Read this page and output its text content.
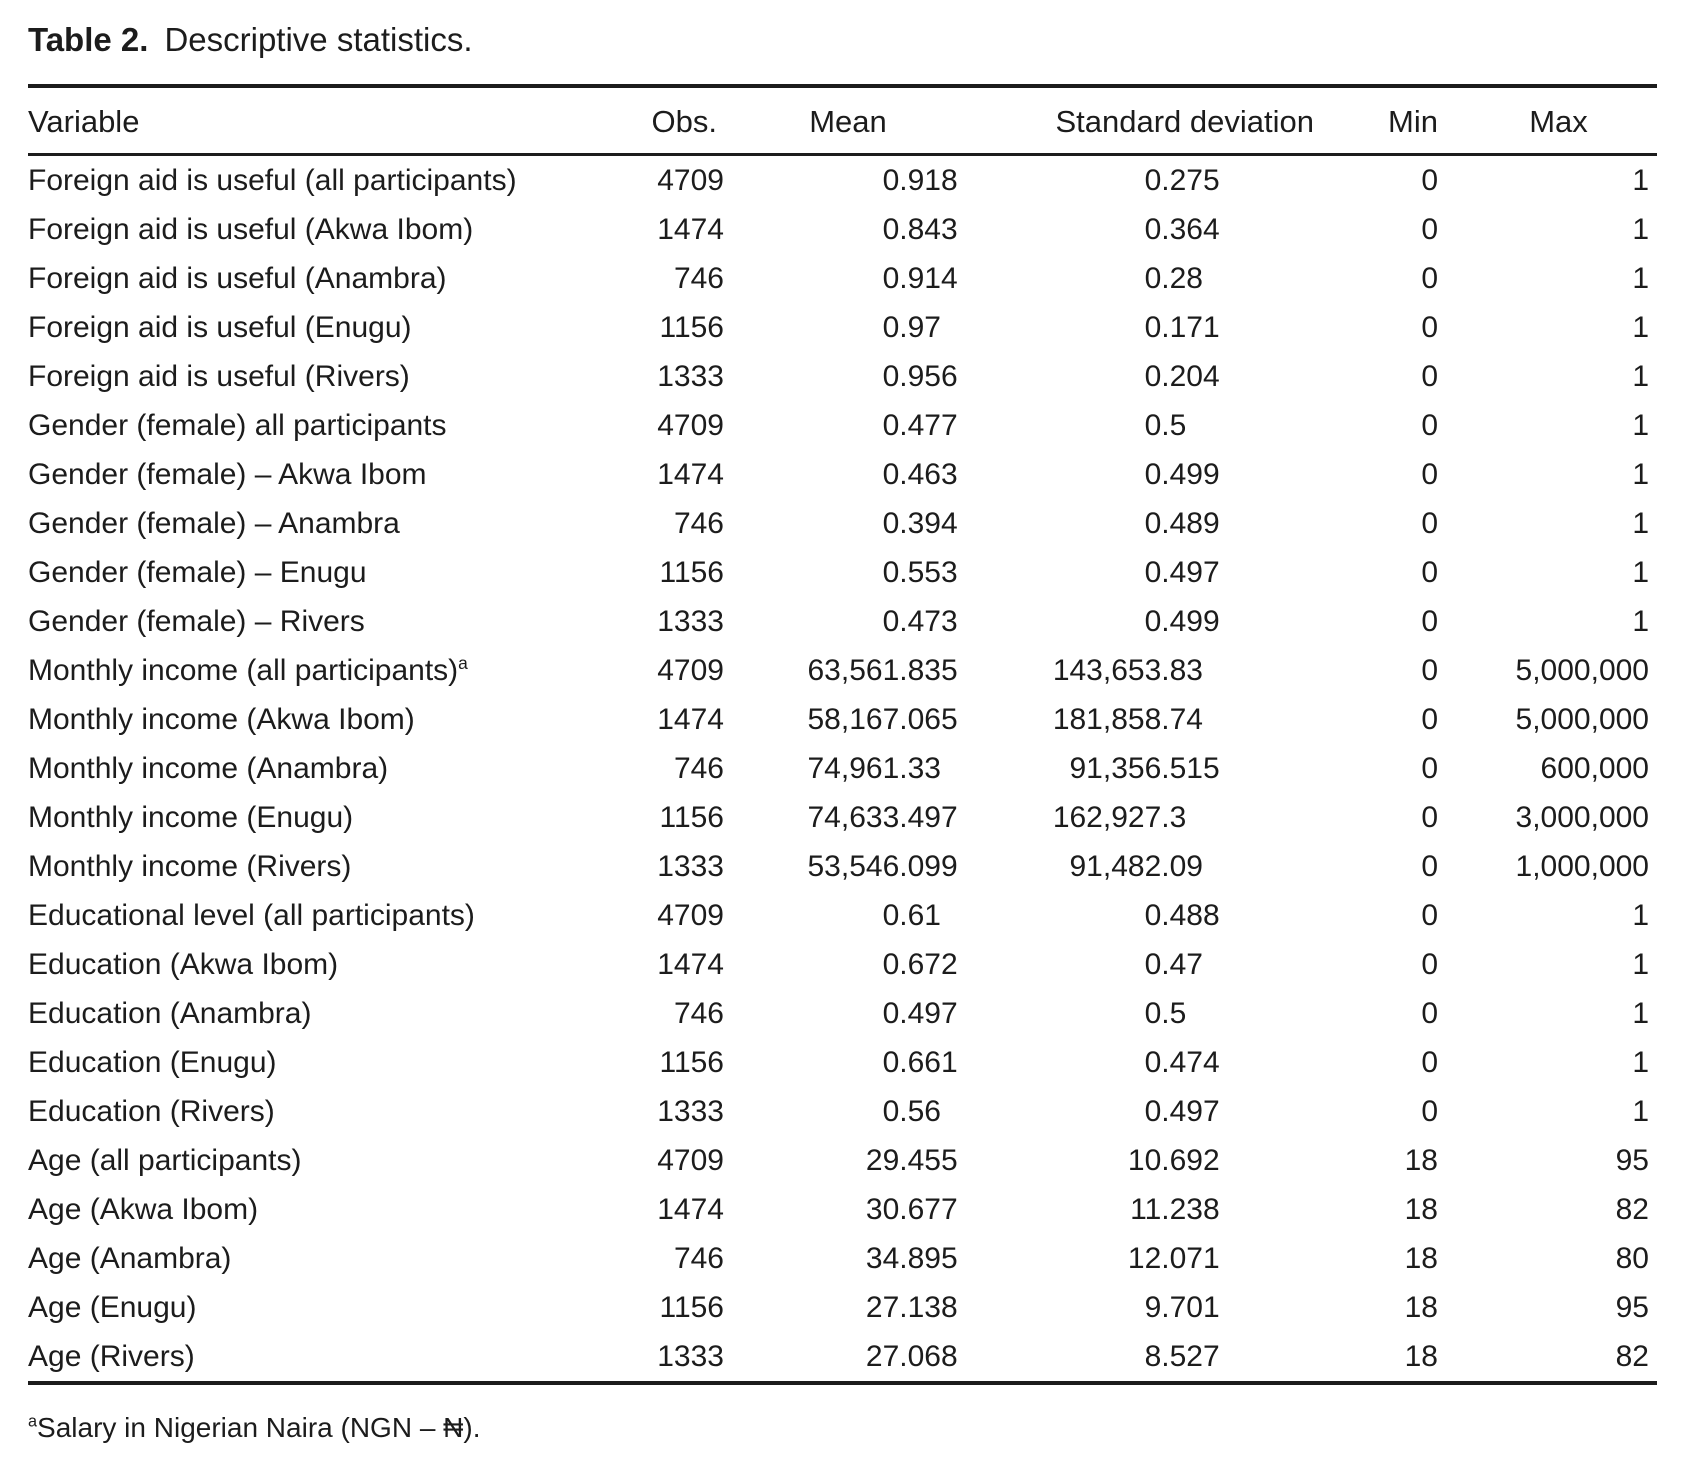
Table 2. Descriptive statistics.
Variable	Obs.	Mean	Standard deviation	Min	Max
Foreign aid is useful (all participants)	4709	0.918	0.275	0	1
Foreign aid is useful (Akwa Ibom)	1474	0.843	0.364	0	1
Foreign aid is useful (Anambra)	746	0.914	0.28	0	1
Foreign aid is useful (Enugu)	1156	0.97	0.171	0	1
Foreign aid is useful (Rivers)	1333	0.956	0.204	0	1
Gender (female) all participants	4709	0.477	0.5	0	1
Gender (female) – Akwa Ibom	1474	0.463	0.499	0	1
Gender (female) – Anambra	746	0.394	0.489	0	1
Gender (female) – Enugu	1156	0.553	0.497	0	1
Gender (female) – Rivers	1333	0.473	0.499	0	1
Monthly income (all participants)$^a$	4709	63,561.835	143,653.83	0	5,000,000
Monthly income (Akwa Ibom)	1474	58,167.065	181,858.74	0	5,000,000
Monthly income (Anambra)	746	74,961.33	91,356.515	0	600,000
Monthly income (Enugu)	1156	74,633.497	162,927.3	0	3,000,000
Monthly income (Rivers)	1333	53,546.099	91,482.09	0	1,000,000
Educational level (all participants)	4709	0.61	0.488	0	1
Education (Akwa Ibom)	1474	0.672	0.47	0	1
Education (Anambra)	746	0.497	0.5	0	1
Education (Enugu)	1156	0.661	0.474	0	1
Education (Rivers)	1333	0.56	0.497	0	1
Age (all participants)	4709	29.455	10.692	18	95
Age (Akwa Ibom)	1474	30.677	11.238	18	82
Age (Anambra)	746	34.895	12.071	18	80
Age (Enugu)	1156	27.138	9.701	18	95
Age (Rivers)	1333	27.068	8.527	18	82
$^a$Salary in Nigerian Naira (NGN – ₦).
